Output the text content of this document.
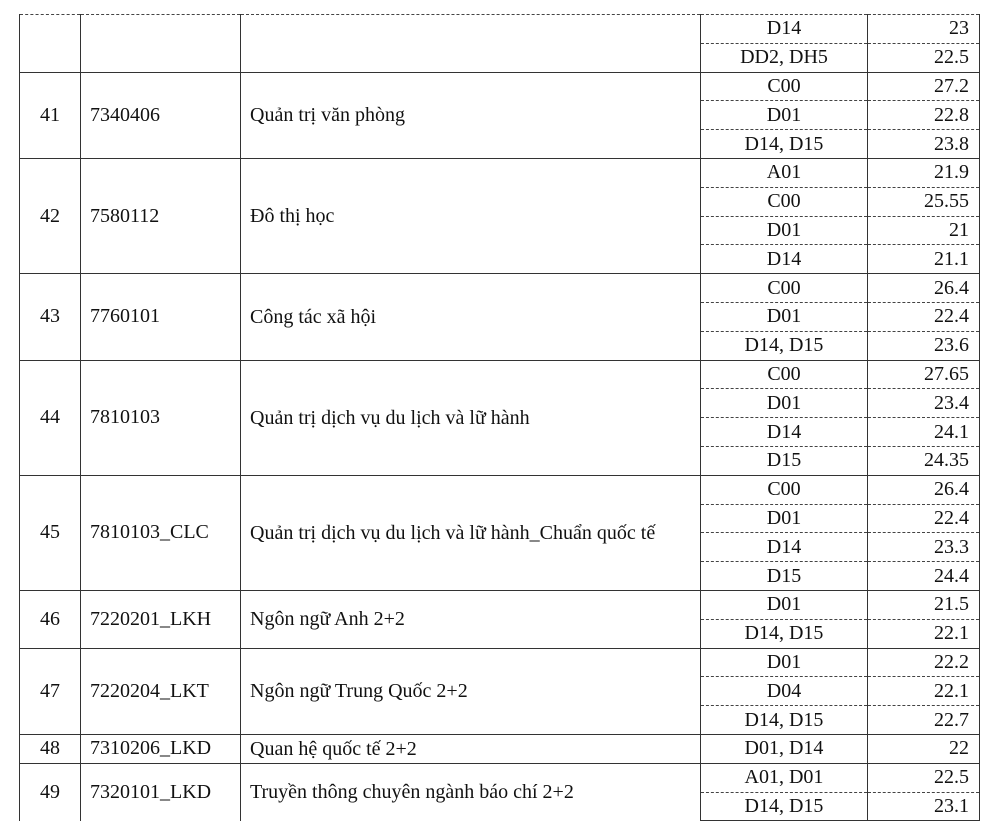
			D14	23
			DD2, DH5	22.5
41	7340406	Quản trị văn phòng	C00	27.2
			D01	22.8
			D14, D15	23.8
42	7580112	Đô thị học	A01	21.9
			C00	25.55
			D01	21
			D14	21.1
43	7760101	Công tác xã hội	C00	26.4
			D01	22.4
			D14, D15	23.6
44	7810103	Quản trị dịch vụ du lịch và lữ hành	C00	27.65
			D01	23.4
			D14	24.1
			D15	24.35
45	7810103_CLC	Quản trị dịch vụ du lịch và lữ hành_Chuẩn quốc tế	C00	26.4
			D01	22.4
			D14	23.3
			D15	24.4
46	7220201_LKH	Ngôn ngữ Anh 2+2	D01	21.5
			D14, D15	22.1
47	7220204_LKT	Ngôn ngữ Trung Quốc 2+2	D01	22.2
			D04	22.1
			D14, D15	22.7
48	7310206_LKD	Quan hệ quốc tế 2+2	D01, D14	22
49	7320101_LKD	Truyền thông chuyên ngành báo chí 2+2	A01, D01	22.5
			D14, D15	23.1
